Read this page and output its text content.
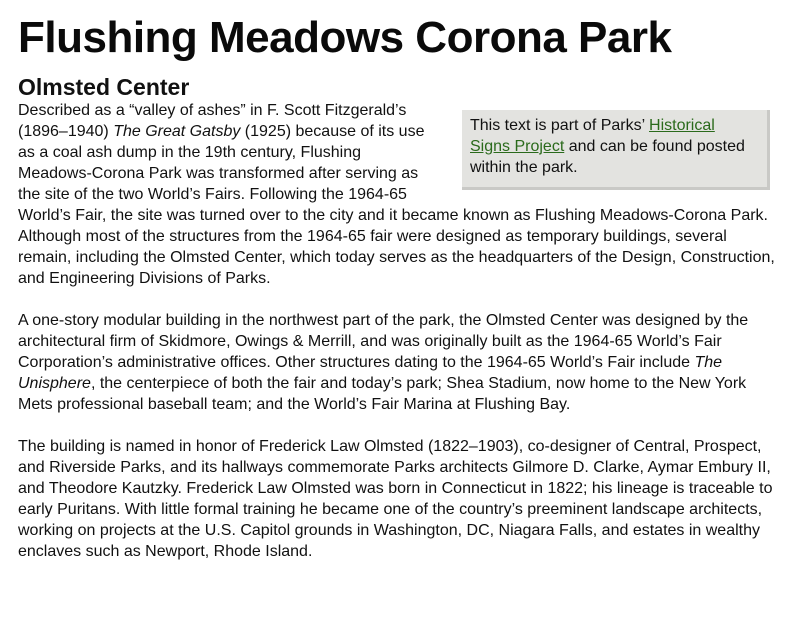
Flushing Meadows Corona Park
Olmsted Center
This text is part of Parks’ Historical Signs Project and can be found posted within the park.

Described as a “valley of ashes” in F. Scott Fitzgerald’s (1896–1940) The Great Gatsby (1925) because of its use as a coal ash dump in the 19th century, Flushing Meadows-Corona Park was transformed after serving as the site of the two World’s Fairs. Following the 1964-65 World’s Fair, the site was turned over to the city and it became known as Flushing Meadows-Corona Park. Although most of the structures from the 1964-65 fair were designed as temporary buildings, several remain, including the Olmsted Center, which today serves as the headquarters of the Design, Construction, and Engineering Divisions of Parks.

A one-story modular building in the northwest part of the park, the Olmsted Center was designed by the architectural firm of Skidmore, Owings & Merrill, and was originally built as the 1964-65 World’s Fair Corporation’s administrative offices. Other structures dating to the 1964-65 World’s Fair include The Unisphere, the centerpiece of both the fair and today’s park; Shea Stadium, now home to the New York Mets professional baseball team; and the World’s Fair Marina at Flushing Bay.

The building is named in honor of Frederick Law Olmsted (1822–1903), co-designer of Central, Prospect, and Riverside Parks, and its hallways commemorate Parks architects Gilmore D. Clarke, Aymar Embury II, and Theodore Kautzky. Frederick Law Olmsted was born in Connecticut in 1822; his lineage is traceable to early Puritans. With little formal training he became one of the country’s preeminent landscape architects, working on projects at the U.S. Capitol grounds in Washington, DC, Niagara Falls, and estates in wealthy enclaves such as Newport, Rhode Island.
